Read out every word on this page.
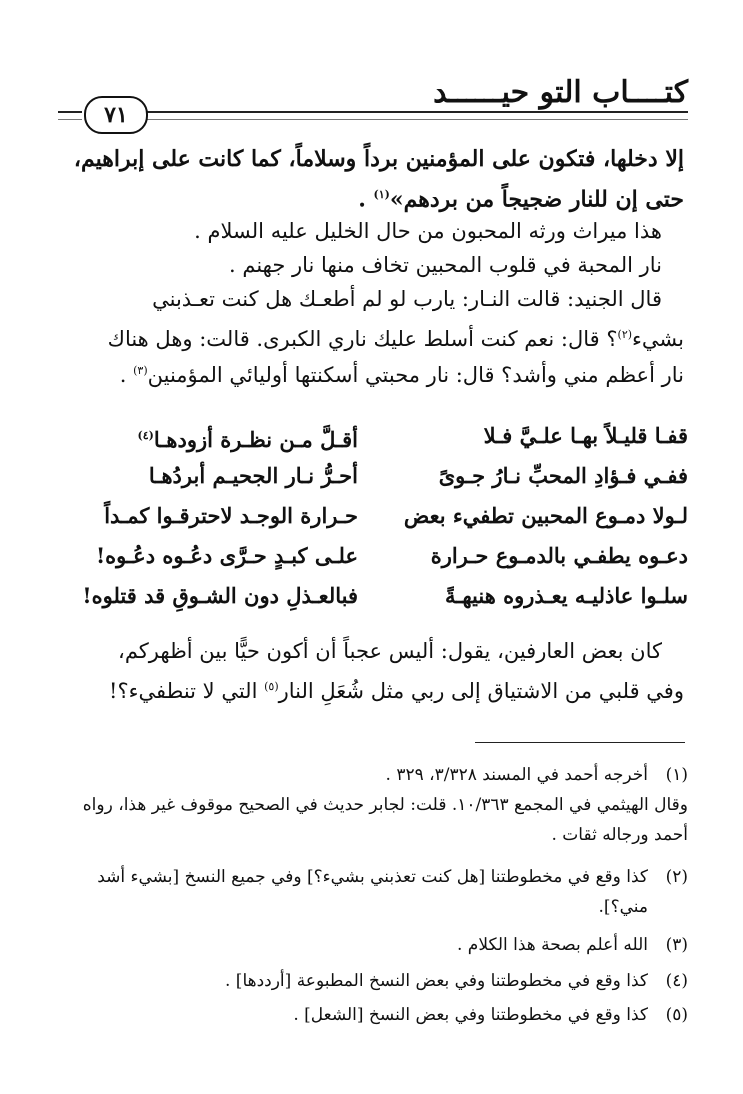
كتــــاب التو حيــــــد
٧١
إلا دخلها، فتكون على المؤمنين برداً وسلاماً، كما كانت على إبراهيم،
حتى إن للنار ضجيجاً من بردهم»$^{(١)}$ .
هذا ميراث ورثه المحبون من حال الخليل عليه السلام .
نار المحبة في قلوب المحبين تخاف منها نار جهنم .
قال الجنيد: قالت النـار: يارب لو لم أطعـك هل كنت تعـذبني
بشيء$^{(٢)}$؟ قال: نعم كنت أسلط عليك ناري الكبرى. قالت: وهل هناك
نار أعظم مني وأشد؟ قال: نار محبتي أسكنتها أوليائي المؤمنين$^{(٣)}$ .
قفـا قليـلاً بهـا علـيَّ فـلا
أقـلَّ مـن نظـرة أزودهـا$^{(٤)}$
ففـي فـؤادِ المحبِّ نـارُ جـوىً
أحـرُّ نـار الجحيـم أبردُهـا
لـولا دمـوع المحبين تطفيء بعض
حـرارة الوجـد لاحترقـوا كمـداً
دعـوه يطفـي بالدمـوع حـرارة
علـى كبـدٍ حـرَّى دعُـوه دعُـوه!
سلـوا عاذليـه يعـذروه هنيهـةً
فبالعـذلِ دون الشـوقِ قد قتلوه!
كان بعض العارفين، يقول: أليس عجباً أن أكون حيًّا بين أظهركم،
وفي قلبي من الاشتياق إلى ربي مثل شُعَلِ النار$^{(٥)}$ التي لا تنطفيء؟!
(١)
أخرجه أحمد في المسند ٣/٣٢٨، ٣٢٩ .
وقال الهيثمي في المجمع ١٠/٣٦٣. قلت: لجابر حديث في الصحيح موقوف غير هذا، رواه أحمد ورجاله ثقات .
(٢)
كذا وقع في مخطوطتنا [هل كنت تعذبني بشيء؟] وفي جميع النسخ [بشيء أشد مني؟].
(٣)
الله أعلم بصحة هذا الكلام .
(٤)
كذا وقع في مخطوطتنا وفي بعض النسخ المطبوعة [أرددها] .
(٥)
كذا وقع في مخطوطتنا وفي بعض النسخ [الشعل] .
